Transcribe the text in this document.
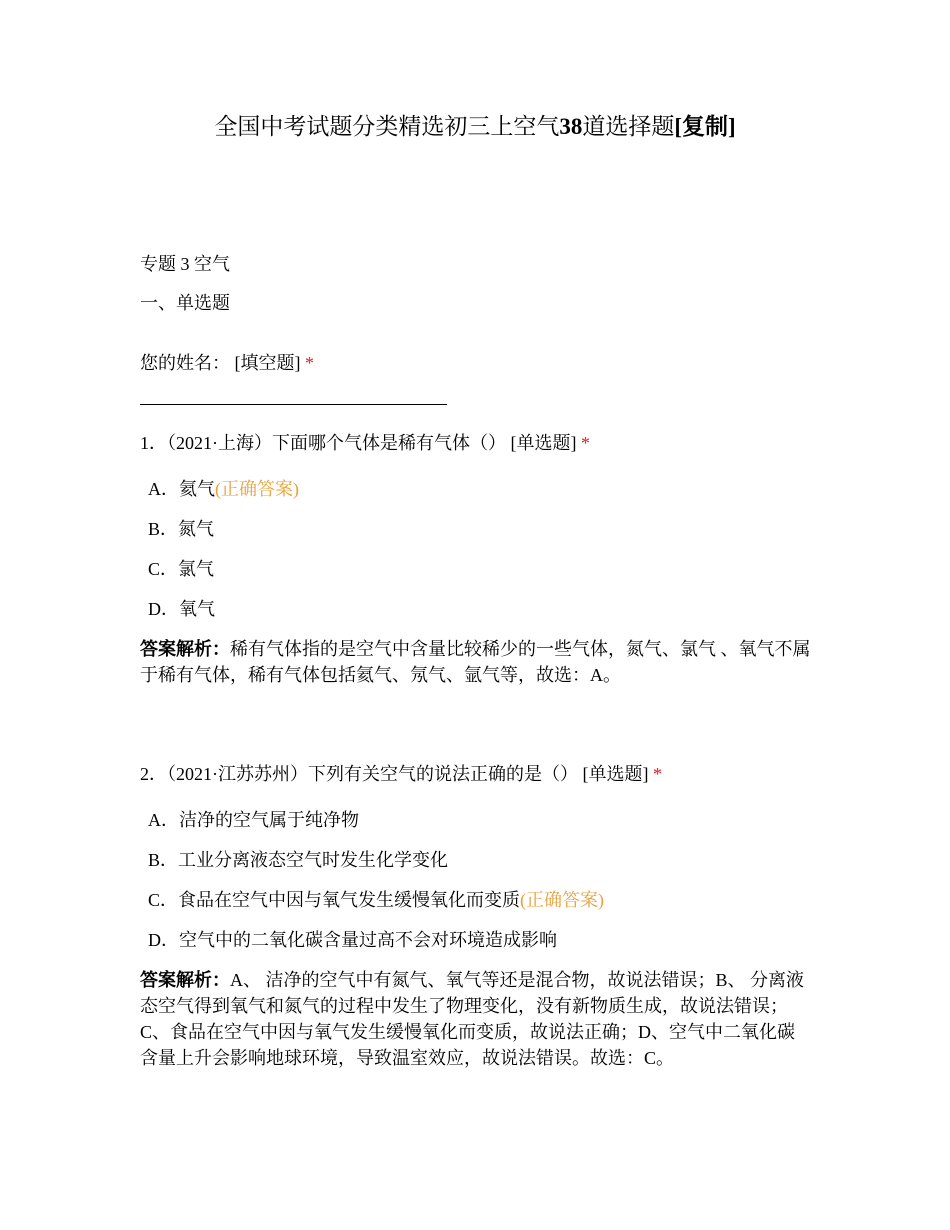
全国中考试题分类精选初三上空气38道选择题[复制]
专题 3 空气
一、单选题
您的姓名： [填空题] *
1．（2021·上海）下面哪个气体是稀有气体（） [单选题] *
A．氦气(正确答案)
B．氮气
C．氯气
D．氧气
答案解析：稀有气体指的是空气中含量比较稀少的一些气体，氮气、氯气 、氧气不属于稀有气体，稀有气体包括氦气、氖气、氩气等，故选：A。
2．（2021·江苏苏州）下列有关空气的说法正确的是（） [单选题] *
A．洁净的空气属于纯净物
B．工业分离液态空气时发生化学变化
C．食品在空气中因与氧气发生缓慢氧化而变质(正确答案)
D．空气中的二氧化碳含量过高不会对环境造成影响
答案解析：A、 洁净的空气中有氮气、氧气等还是混合物，故说法错误；B、 分离液态空气得到氧气和氮气的过程中发生了物理变化，没有新物质生成，故说法错误；C、食品在空气中因与氧气发生缓慢氧化而变质，故说法正确；D、空气中二氧化碳含量上升会影响地球环境，导致温室效应，故说法错误。故选：C。
